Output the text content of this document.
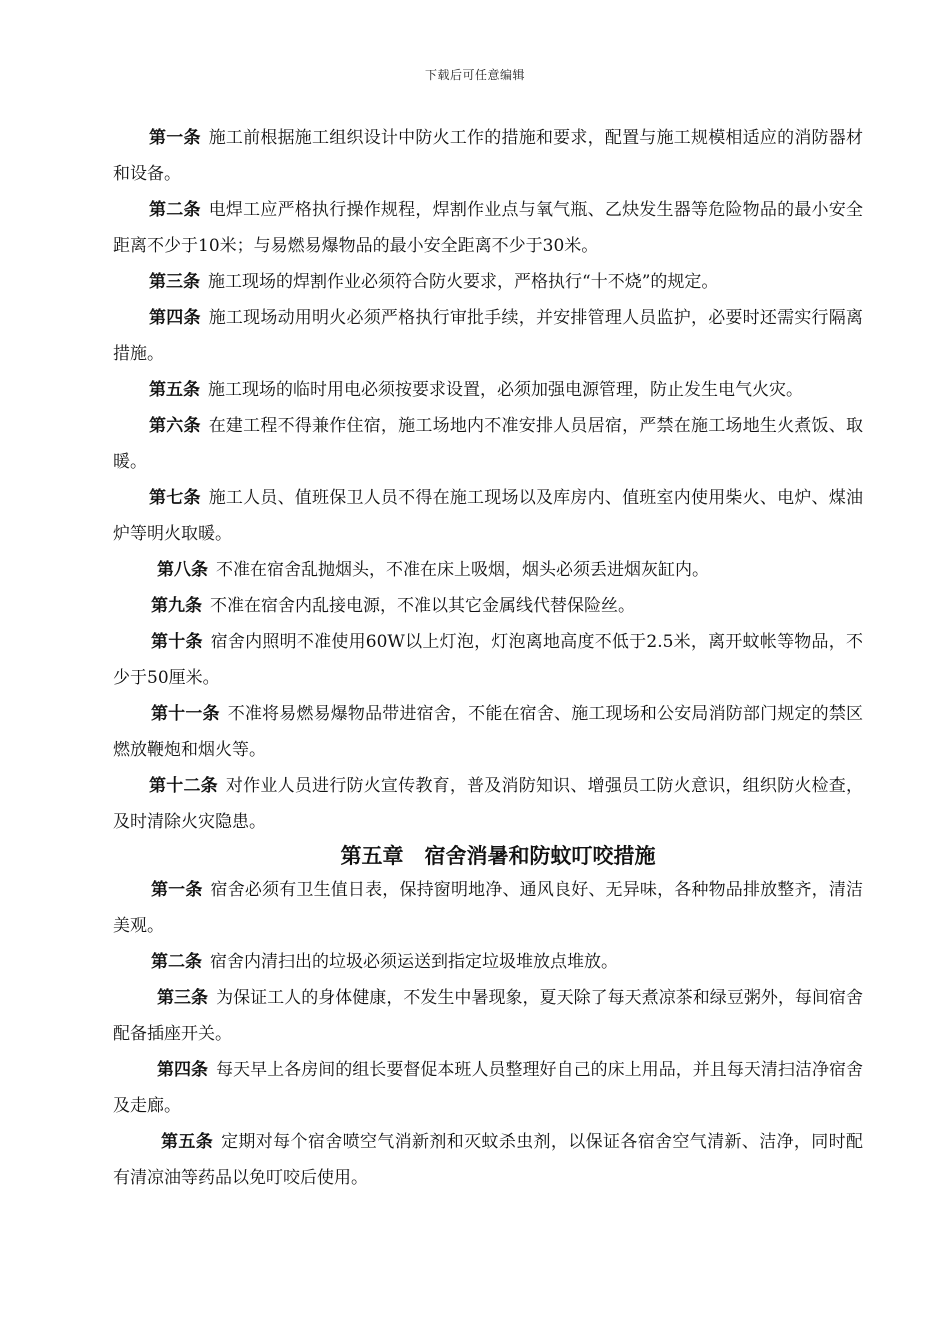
下载后可任意编辑

第一条 施工前根据施工组织设计中防火工作的措施和要求，配置与施工规模相适应的消防器材和设备。

第二条 电焊工应严格执行操作规程，焊割作业点与氧气瓶、乙炔发生器等危险物品的最小安全距离不少于10米；与易燃易爆物品的最小安全距离不少于30米。

第三条 施工现场的焊割作业必须符合防火要求，严格执行“十不烧”的规定。

第四条 施工现场动用明火必须严格执行审批手续，并安排管理人员监护，必要时还需实行隔离措施。

第五条 施工现场的临时用电必须按要求设置，必须加强电源管理，防止发生电气火灾。

第六条 在建工程不得兼作住宿，施工场地内不准安排人员居宿，严禁在施工场地生火煮饭、取暖。

第七条 施工人员、值班保卫人员不得在施工现场以及库房内、值班室内使用柴火、电炉、煤油炉等明火取暖。

第八条 不准在宿舍乱抛烟头，不准在床上吸烟，烟头必须丢进烟灰缸内。

第九条 不准在宿舍内乱接电源，不准以其它金属线代替保险丝。

第十条 宿舍内照明不准使用60W以上灯泡，灯泡离地高度不低于2.5米，离开蚊帐等物品，不少于50厘米。

第十一条 不准将易燃易爆物品带进宿舍，不能在宿舍、施工现场和公安局消防部门规定的禁区燃放鞭炮和烟火等。

第十二条 对作业人员进行防火宣传教育，普及消防知识、增强员工防火意识，组织防火检查，及时清除火灾隐患。

第五章　宿舍消暑和防蚊叮咬措施

第一条 宿舍必须有卫生值日表，保持窗明地净、通风良好、无异味，各种物品排放整齐，清洁美观。

第二条 宿舍内清扫出的垃圾必须运送到指定垃圾堆放点堆放。

第三条 为保证工人的身体健康，不发生中暑现象，夏天除了每天煮凉茶和绿豆粥外，每间宿舍配备插座开关。

第四条 每天早上各房间的组长要督促本班人员整理好自己的床上用品，并且每天清扫洁净宿舍及走廊。

第五条 定期对每个宿舍喷空气消新剂和灭蚊杀虫剂，以保证各宿舍空气清新、洁净，同时配有清凉油等药品以免叮咬后使用。
